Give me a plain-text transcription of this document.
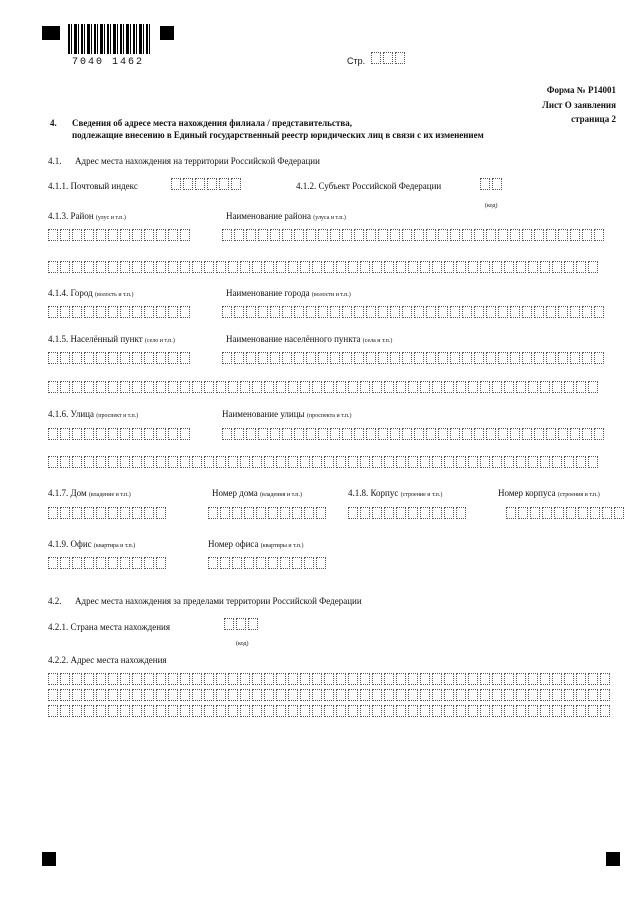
7040 1462	Стр.
Форма № Р14001
Лист О заявления
страница 2
4. Сведения об адресе места нахождения филиала / представительства,
подлежащие внесению в Единый государственный реестр юридических лиц в связи с их изменением
4.1. Адрес места нахождения на территории Российской Федерации
4.1.1. Почтовый индекс	4.1.2. Субъект Российской Федерации
(код)
4.1.3. Район (улус и т.п.)	Наименование района (улуса и т.п.)
4.1.4. Город (волость и т.п.)	Наименование города (волости и т.п.)
4.1.5. Населённый пункт (село и т.п.)	Наименование населённого пункта (села и т.п.)
4.1.6. Улица (проспект и т.п.)	Наименование улицы (проспекта и т.п.)
4.1.7. Дом (владение и т.п.)	Номер дома (владения и т.п.)	4.1.8. Корпус (строение и т.п.)	Номер корпуса (строения и т.п.)
4.1.9. Офис (квартира и т.п.)	Номер офиса (квартиры и т.п.)
4.2. Адрес места нахождения за пределами территории Российской Федерации
4.2.1. Страна места нахождения
(код)
4.2.2. Адрес места нахождения
